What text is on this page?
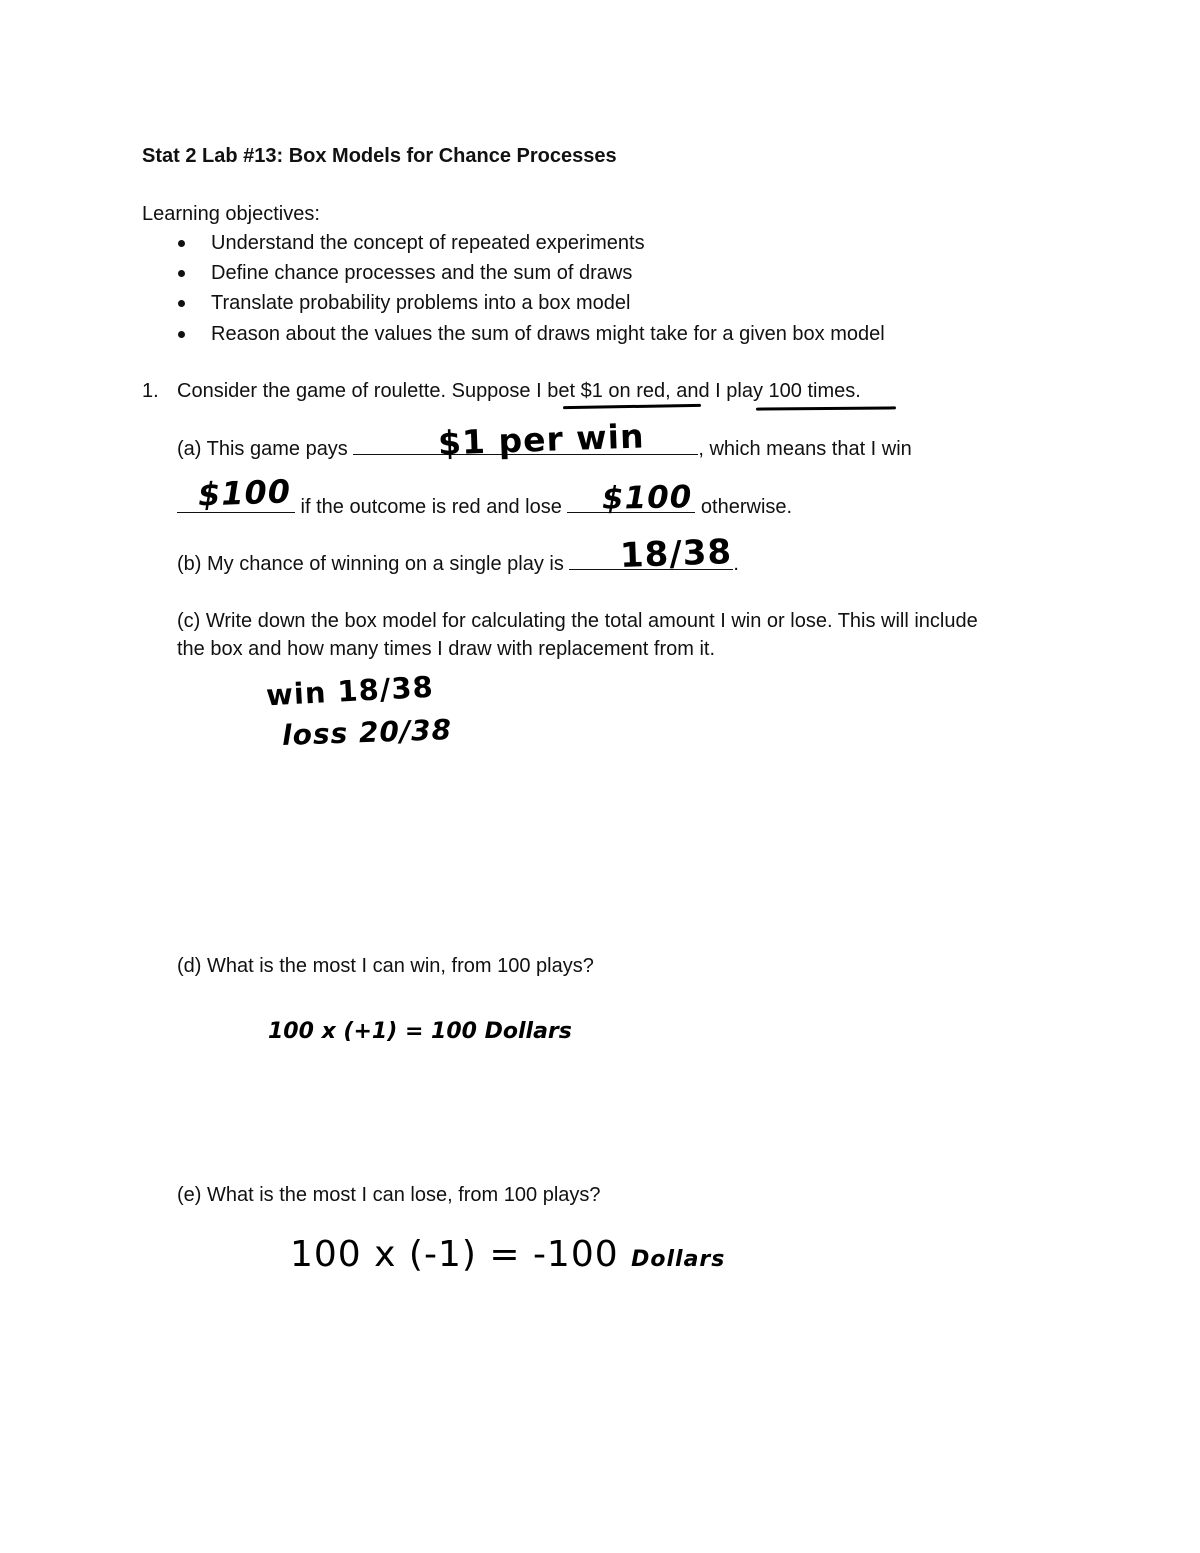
Stat 2 Lab #13: Box Models for Chance Processes
Learning objectives:
Understand the concept of repeated experiments
Define chance processes and the sum of draws
Translate probability problems into a box model
Reason about the values the sum of draws might take for a given box model
1. Consider the game of roulette. Suppose I bet $1 on red, and I play 100 times.
(a) This game pays	, which means that I win
$1 per win
if the outcome is red and lose	otherwise.
$100	$100
(b) My chance of winning on a single play is	.
18/38
(c) Write down the box model for calculating the total amount I win or lose. This will include
the box and how many times I draw with replacement from it.
win 18/38
loss 20/38
(d) What is the most I can win, from 100 plays?
100 x (+1) = 100 Dollars
(e) What is the most I can lose, from 100 plays?
100 x (-1) = -100 Dollars
